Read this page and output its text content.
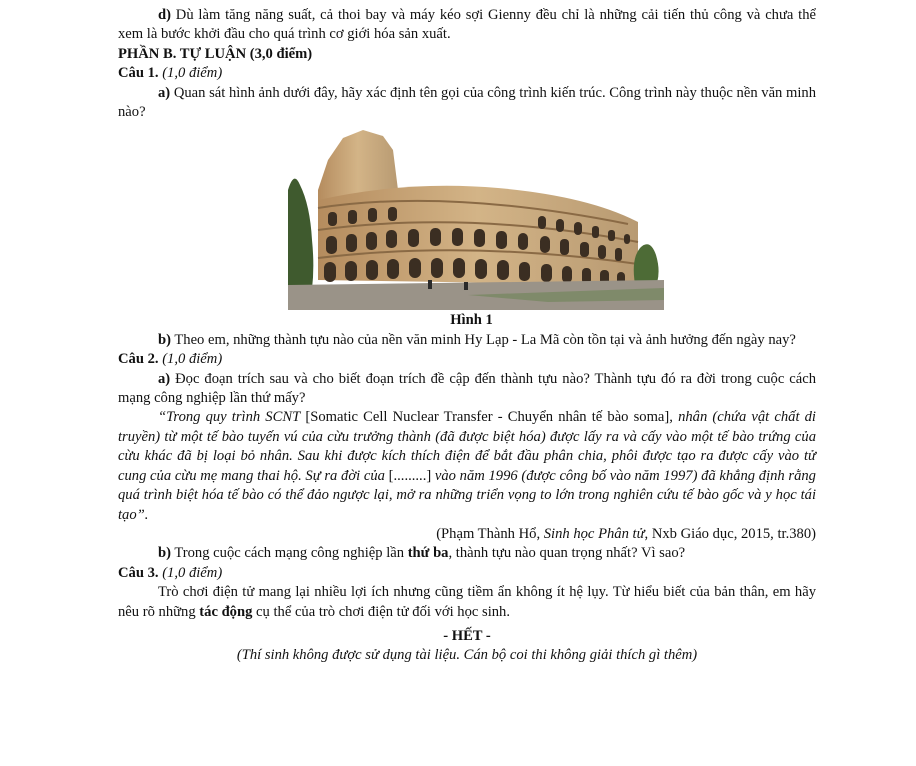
d) Dù làm tăng năng suất, cả thoi bay và máy kéo sợi Gienny đều chỉ là những cải tiến thủ công và chưa thể xem là bước khởi đầu cho quá trình cơ giới hóa sản xuất.

PHẦN B. TỰ LUẬN (3,0 điểm)

Câu 1. (1,0 điểm)

a) Quan sát hình ảnh dưới đây, hãy xác định tên gọi của công trình kiến trúc. Công trình này thuộc nền văn minh nào?

Hình 1

b) Theo em, những thành tựu nào của nền văn minh Hy Lạp - La Mã còn tồn tại và ảnh hưởng đến ngày nay?

Câu 2. (1,0 điểm)

a) Đọc đoạn trích sau và cho biết đoạn trích đề cập đến thành tựu nào? Thành tựu đó ra đời trong cuộc cách mạng công nghiệp lần thứ mấy?

“Trong quy trình SCNT [Somatic Cell Nuclear Transfer - Chuyển nhân tế bào soma], nhân (chứa vật chất di truyền) từ một tế bào tuyến vú của cừu trưởng thành (đã được biệt hóa) được lấy ra và cấy vào một tế bào trứng của cừu khác đã bị loại bỏ nhân. Sau khi được kích thích điện để bắt đầu phân chia, phôi được tạo ra được cấy vào tử cung của cừu mẹ mang thai hộ. Sự ra đời của [.........] vào năm 1996 (được công bố vào năm 1997) đã khẳng định rằng quá trình biệt hóa tế bào có thể đảo ngược lại, mở ra những triển vọng to lớn trong nghiên cứu tế bào gốc và y học tái tạo”.

(Phạm Thành Hổ, Sinh học Phân tử, Nxb Giáo dục, 2015, tr.380)

b) Trong cuộc cách mạng công nghiệp lần thứ ba, thành tựu nào quan trọng nhất? Vì sao?

Câu 3. (1,0 điểm)

Trò chơi điện tử mang lại nhiều lợi ích nhưng cũng tiềm ẩn không ít hệ lụy. Từ hiểu biết của bản thân, em hãy nêu rõ những tác động cụ thể của trò chơi điện tử đối với học sinh.

- HẾT -

(Thí sinh không được sử dụng tài liệu. Cán bộ coi thi không giải thích gì thêm)
